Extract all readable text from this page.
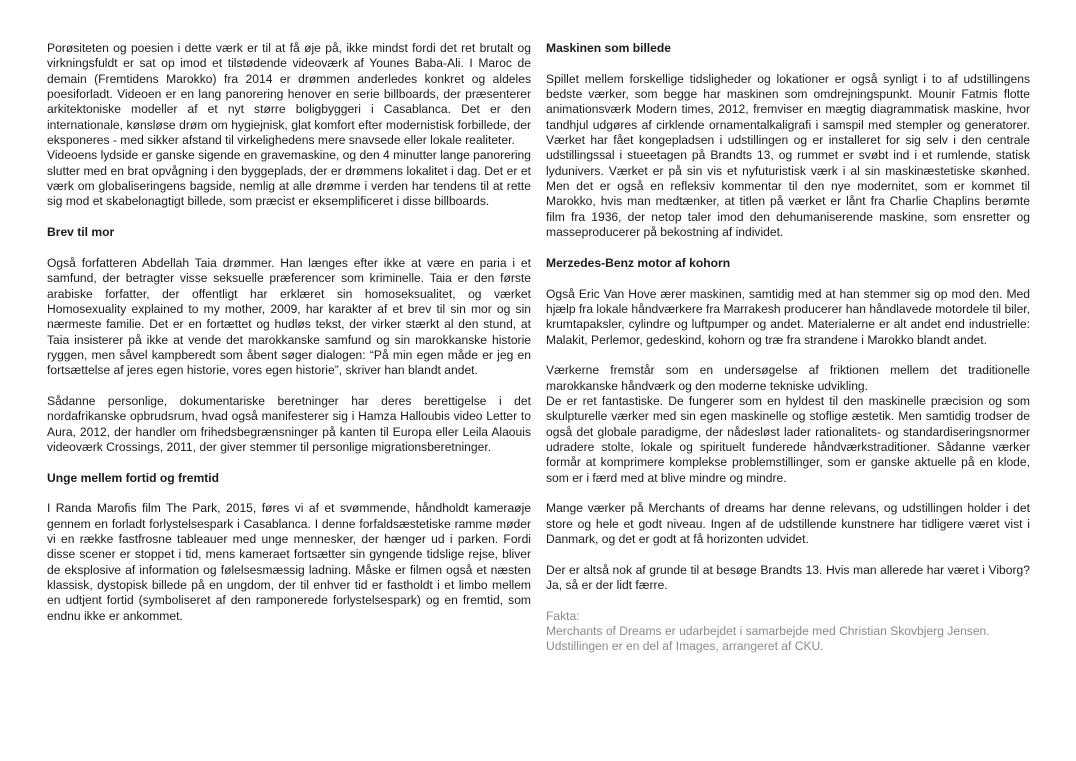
Porøsiteten og poesien i dette værk er til at få øje på, ikke mindst fordi det ret brutalt og virkningsfuldt er sat op imod et tilstødende videoværk af Younes Baba-Ali. I Maroc de demain (Fremtidens Marokko) fra 2014 er drømmen anderledes konkret og aldeles poesiforladt. Videoen er en lang panorering henover en serie billboards, der præsenterer arkitektoniske modeller af et nyt større boligbyggeri i Casablanca. Det er den internationale, kønsløse drøm om hygiejnisk, glat komfort efter modernistisk forbillede, der eksponeres - med sikker afstand til virkelighedens mere snavsede eller lokale realiteter.

Videoens lydside er ganske sigende en gravemaskine, og den 4 minutter lange panorering slutter med en brat opvågning i den byggeplads, der er drømmens lokalitet i dag. Det er et værk om globaliseringens bagside, nemlig at alle drømme i verden har tendens til at rette sig mod et skabelonagtigt billede, som præcist er eksemplificeret i disse billboards.

Brev til mor

Også forfatteren Abdellah Taia drømmer. Han længes efter ikke at være en paria i et samfund, der betragter visse seksuelle præferencer som kriminelle. Taia er den første arabiske forfatter, der offentligt har erklæret sin homoseksualitet, og værket Homosexuality explained to my mother, 2009, har karakter af et brev til sin mor og sin nærmeste familie. Det er en fortættet og hudløs tekst, der virker stærkt al den stund, at Taia insisterer på ikke at vende det marokkanske samfund og sin marokkanske historie ryggen, men såvel kampberedt som åbent søger dialogen: “På min egen måde er jeg en fortsættelse af jeres egen historie, vores egen historie”, skriver han blandt andet.

Sådanne personlige, dokumentariske beretninger har deres berettigelse i det nordafrikanske opbrudsrum, hvad også manifesterer sig i Hamza Halloubis video Letter to Aura, 2012, der handler om frihedsbegrænsninger på kanten til Europa eller Leila Alaouis videoværk Crossings, 2011, der giver stemmer til personlige migrationsberetninger.

Unge mellem fortid og fremtid

I Randa Marofis film The Park, 2015, føres vi af et svømmende, håndholdt kameraøje gennem en forladt forlystelsespark i Casablanca. I denne forfaldsæstetiske ramme møder vi en række fastfrosne tableauer med unge mennesker, der hænger ud i parken. Fordi disse scener er stoppet i tid, mens kameraet fortsætter sin gyngende tidslige rejse, bliver de eksplosive af information og følelsesmæssig ladning. Måske er filmen også et næsten klassisk, dystopisk billede på en ungdom, der til enhver tid er fastholdt i et limbo mellem en udtjent fortid (symboliseret af den ramponerede forlystelsespark) og en fremtid, som endnu ikke er ankommet.

Maskinen som billede

Spillet mellem forskellige tidsligheder og lokationer er også synligt i to af udstillingens bedste værker, som begge har maskinen som omdrejningspunkt. Mounir Fatmis flotte animationsværk Modern times, 2012, fremviser en mægtig diagrammatisk maskine, hvor tandhjul udgøres af cirklende ornamentalkaligrafi i samspil med stempler og generatorer. Værket har fået kongepladsen i udstillingen og er installeret for sig selv i den centrale udstillingssal i stueetagen på Brandts 13, og rummet er svøbt ind i et rumlende, statisk lydunivers. Værket er på sin vis et nyfuturistisk værk i al sin maskinæstetiske skønhed. Men det er også en refleksiv kommentar til den nye modernitet, som er kommet til Marokko, hvis man medtænker, at titlen på værket er lånt fra Charlie Chaplins berømte film fra 1936, der netop taler imod den dehumaniserende maskine, som ensretter og masseproducerer på bekostning af individet.

Merzedes-Benz motor af kohorn

Også Eric Van Hove ærer maskinen, samtidig med at han stemmer sig op mod den. Med hjælp fra lokale håndværkere fra Marrakesh producerer han håndlavede motordele til biler, krumtapaksler, cylindre og luftpumper og andet. Materialerne er alt andet end industrielle: Malakit, Perlemor, gedeskind, kohorn og træ fra strandene i Marokko blandt andet.

Værkerne fremstår som en undersøgelse af friktionen mellem det traditionelle marokkanske håndværk og den moderne tekniske udvikling.

De er ret fantastiske. De fungerer som en hyldest til den maskinelle præcision og som skulpturelle værker med sin egen maskinelle og stoflige æstetik. Men samtidig trodser de også det globale paradigme, der nådesløst lader rationalitets- og standardiseringsnormer udradere stolte, lokale og spirituelt funderede håndværkstraditioner. Sådanne værker formår at komprimere komplekse problemstillinger, som er ganske aktuelle på en klode, som er i færd med at blive mindre og mindre.

Mange værker på Merchants of dreams har denne relevans, og udstillingen holder i det store og hele et godt niveau. Ingen af de udstillende kunstnere har tidligere været vist i Danmark, og det er godt at få horizonten udvidet.

Der er altså nok af grunde til at besøge Brandts 13. Hvis man allerede har været i Viborg? Ja, så er der lidt færre.

Fakta:
Merchants of Dreams er udarbejdet i samarbejde med Christian Skovbjerg Jensen.
Udstillingen er en del af Images, arrangeret af CKU.
